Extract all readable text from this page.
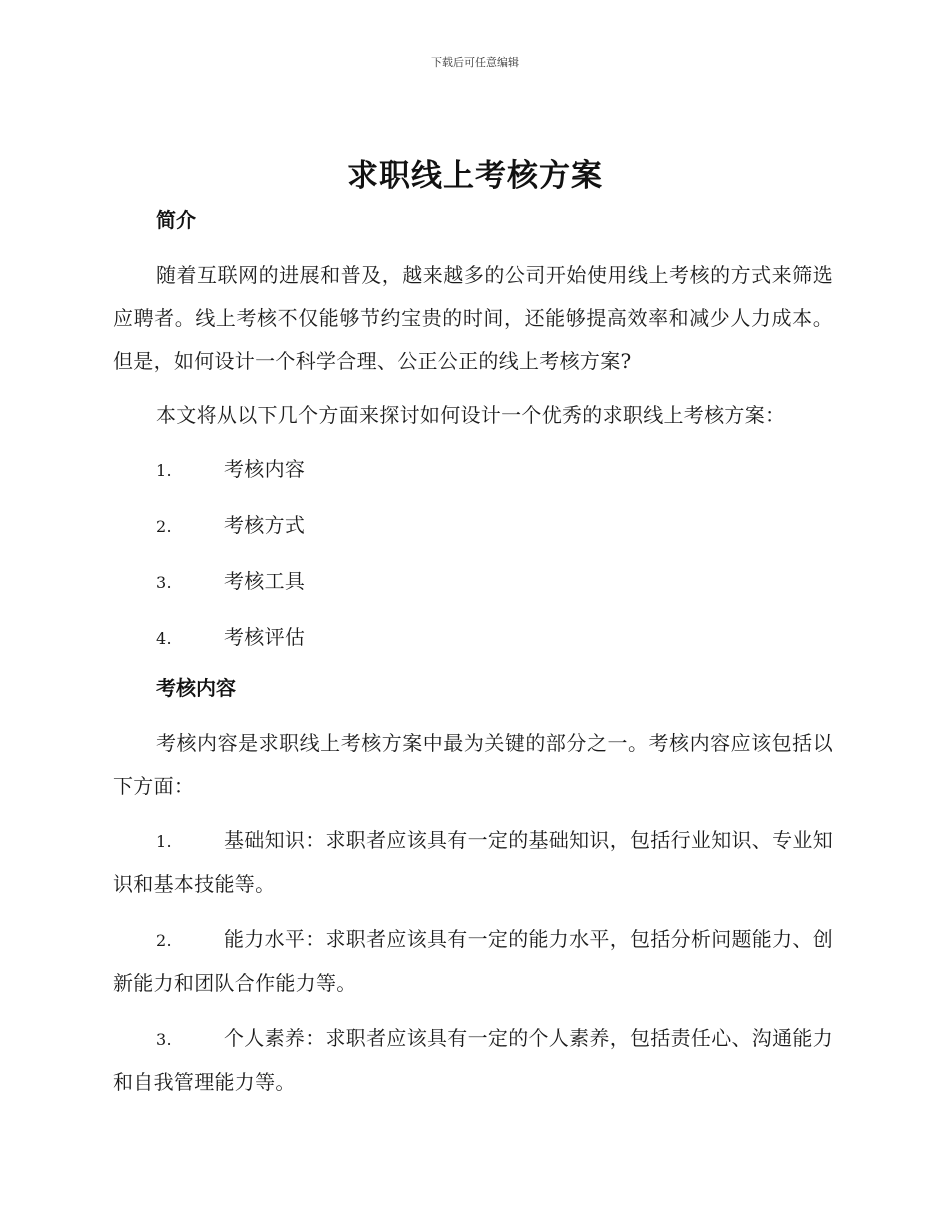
下载后可任意编辑
求职线上考核方案
简介

随着互联网的进展和普及，越来越多的公司开始使用线上考核的方式来筛选应聘者。线上考核不仅能够节约宝贵的时间，还能够提高效率和减少人力成本。但是，如何设计一个科学合理、公正公正的线上考核方案?

本文将从以下几个方面来探讨如何设计一个优秀的求职线上考核方案：

1.	考核内容
2.	考核方式
3.	考核工具
4.	考核评估
考核内容

考核内容是求职线上考核方案中最为关键的部分之一。考核内容应该包括以下方面：

1.	基础知识：求职者应该具有一定的基础知识，包括行业知识、专业知识和基本技能等。
2.	能力水平：求职者应该具有一定的能力水平，包括分析问题能力、创新能力和团队合作能力等。
3.	个人素养：求职者应该具有一定的个人素养，包括责任心、沟通能力和自我管理能力等。
